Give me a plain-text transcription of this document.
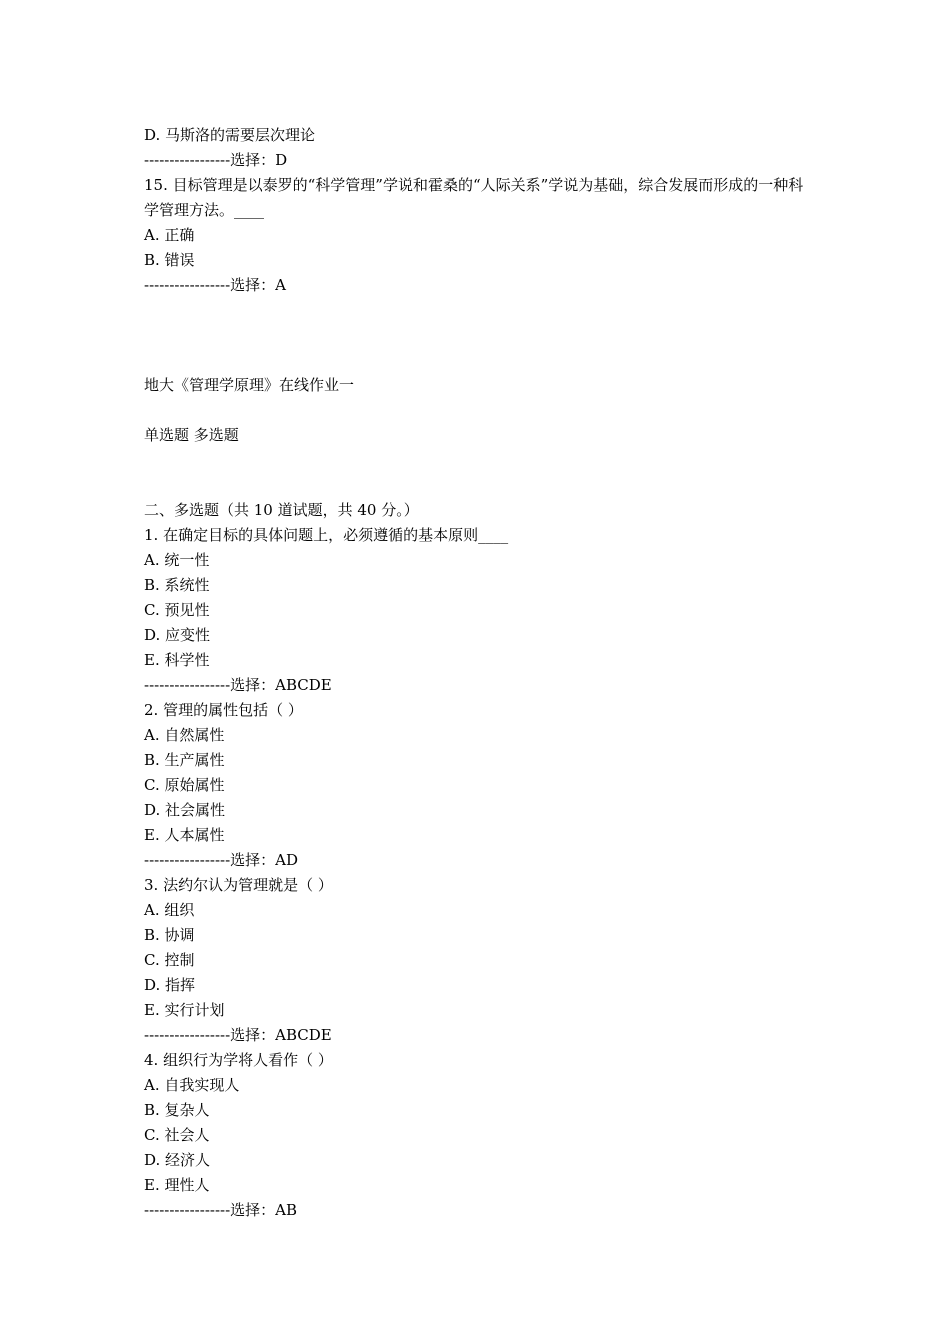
D. 马斯洛的需要层次理论
-----------------选择：D
15. 目标管理是以泰罗的“科学管理”学说和霍桑的“人际关系”学说为基础，综合发展而形成的一种科学管理方法。____
A. 正确
B. 错误
-----------------选择：A
地大《管理学原理》在线作业一
单选题 多选题
二、多选题（共 10 道试题，共 40 分。）
1. 在确定目标的具体问题上，必须遵循的基本原则____
A. 统一性
B. 系统性
C. 预见性
D. 应变性
E. 科学性
-----------------选择：ABCDE
2. 管理的属性包括（ ）
A. 自然属性
B. 生产属性
C. 原始属性
D. 社会属性
E. 人本属性
-----------------选择：AD
3. 法约尔认为管理就是（ ）
A. 组织
B. 协调
C. 控制
D. 指挥
E. 实行计划
-----------------选择：ABCDE
4. 组织行为学将人看作（ ）
A. 自我实现人
B. 复杂人
C. 社会人
D. 经济人
E. 理性人
-----------------选择：AB
